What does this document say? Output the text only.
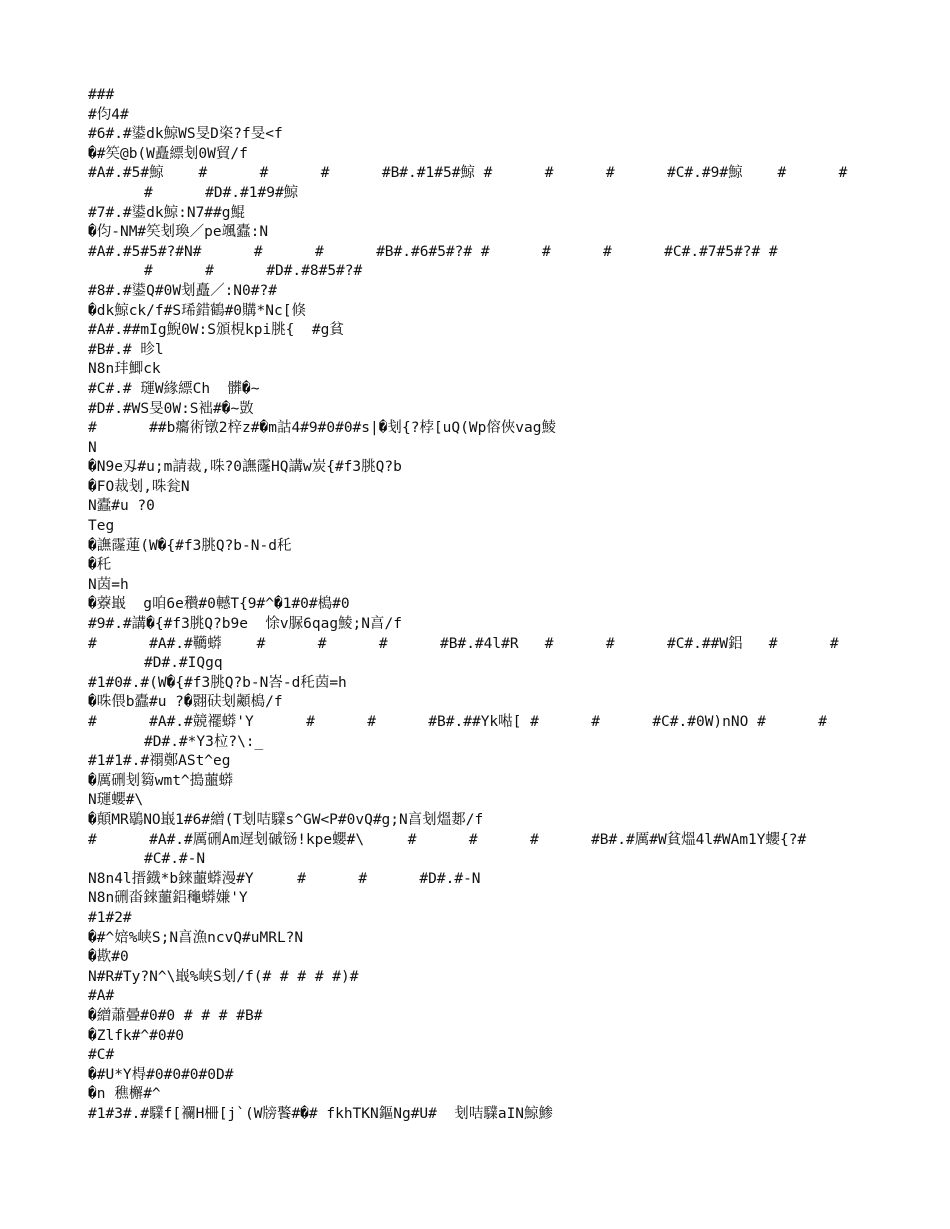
###
#伨4#
#6#.#鍙dk鯨WS旻D栥?f旻<f
�#笶@b(W矗縹刬0W貿/f
#A#.#5#鯨    #      #      #      #B#.#1#5#鯨 #      #      #      #C#.#9#鯨    #      #
#      #D#.#1#9#鯨
#7#.#鍙dk鯨:N7##g鯤
�伨-NM#笶刬瑍／pe颯蠹:N
#A#.#5#5#?#N#      #      #      #B#.#6#5#?# #      #      #      #C#.#7#5#?# #
#      #      #D#.#8#5#?#
#8#.#鍙Q#0W刬矗／:N0#?#
�dk鯨ck/f#S琋錯鶴#0購*Nc[倏
#A#.##mIg鯢0W:S頒梘kpi朓{  #g貧
#B#.# 昣l
N8n玤鯽ck
#C#.# 璭W緣縹Ch  髒�~
#D#.#WS旻0W:S袦#�~敳
#      ##b癟術镦2梓z#�m詁4#9#0#0#s|�刬{?桲[uQ(Wp傛俠vag鯪
N
�N9e刄#u;m請裁,咮?0譕霳HQ講w炭{#f3朓Q?b
�FO裁刬,咮瓮N
N蠹#u ?0
Teg
�譕霳蓮(W�{#f3朓Q?b-N-d秅
�秅
N茵=h
�藔嶯  g咱6e穳#0轗T{9#^�1#0#槝#0
#9#.#講�{#f3朓Q?b9e  悇v脲6qag鯪;N亯/f
#      #A#.#韉蟒    #      #      #      #B#.#4l#R   #      #      #C#.##W鋁   #      #
#D#.#IQgq
#1#0#.#(W�{#f3朓Q?b-N峇-d秅茵=h
�咮偎b蠹#u ?�翾砆刬顪槝/f
#      #A#.#競襬蟒'Y      #      #      #B#.##Yk喖[ #      #      #C#.#0W)nNO #      #
#D#.#*Y3柆?\:_
#1#1#.#禤鄭ASt^eg
�厲硎刬篘wmt^搗蘁蟒
N璭蠳#\
�顛MR鶡NO嶯1#6#繒(T刬咭驜s^GW<P#0vQ#g;N亯刬熅郪/f
#      #A#.#厲硎Am遅刬磩铴!kpe蠳#\     #      #      #      #B#.#厲#W貧熅4l#WAm1Y蠳{?#
#C#.#-N
N8n4l搢鐡*b錸蘁蟒漫#Y     #      #      #D#.#-N
N8n硎畓錸蘁鋁龝蟒嫌'Y
#1#2#
�#^婄%峡S;N亯漁ncvQ#uMRL?N
�歁#0
N#R#Ty?N^\嶯%峡S刬/f(# # # # #)#
#A#
�繒蕭曡#0#0 # # # #B#
�Zlfk#^#0#0
#C#
�#U*Y棏#0#0#0#0D#
�n 穛檞#^
#1#3#.#驜f[襴H柵[j`(W牓饏#�# fkhTKN鏂Ng#U#  刬咭驜aIN鯨鯵
